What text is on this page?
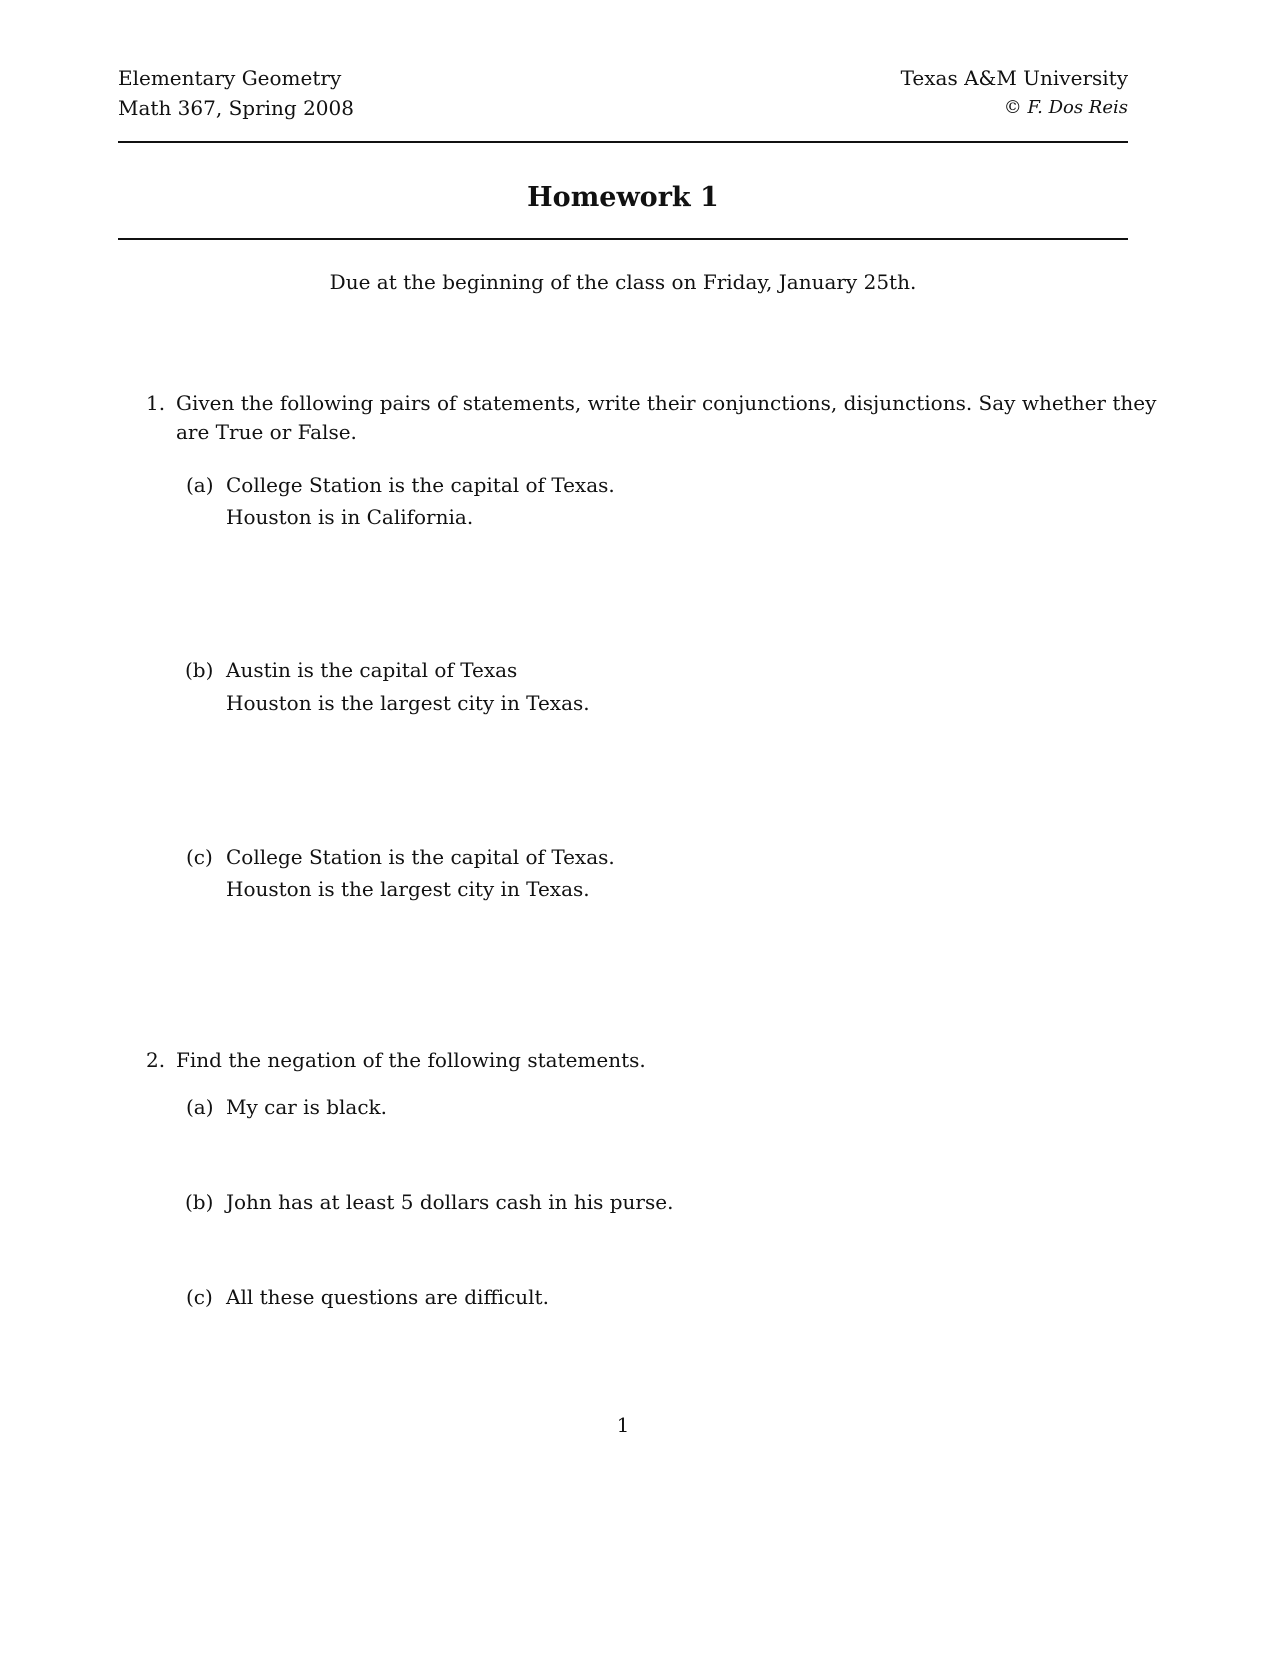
Elementary Geometry
Math 367, Spring 2008
Texas A&M University
© F. Dos Reis
Homework 1
Due at the beginning of the class on Friday, January 25th.
1. Given the following pairs of statements, write their conjunctions, disjunctions. Say whether they
are True or False.
(a) College Station is the capital of Texas.
Houston is in California.
(b) Austin is the capital of Texas
Houston is the largest city in Texas.
(c) College Station is the capital of Texas.
Houston is the largest city in Texas.
2. Find the negation of the following statements.
(a) My car is black.
(b) John has at least 5 dollars cash in his purse.
(c) All these questions are difficult.
1
